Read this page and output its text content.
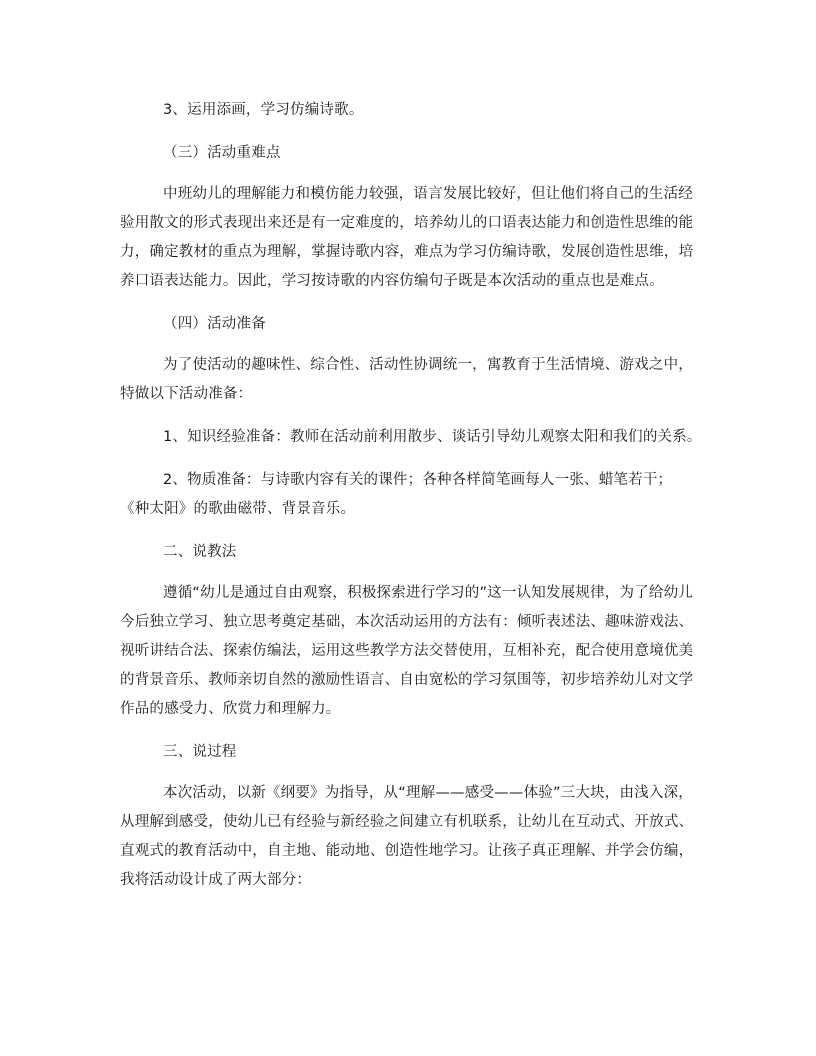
3、运用添画，学习仿编诗歌。
（三）活动重难点
中班幼儿的理解能力和模仿能力较强，语言发展比较好，但让他们将自己的生活经
验用散文的形式表现出来还是有一定难度的，培养幼儿的口语表达能力和创造性思维的能
力，确定教材的重点为理解，掌握诗歌内容，难点为学习仿编诗歌，发展创造性思维，培
养口语表达能力。因此，学习按诗歌的内容仿编句子既是本次活动的重点也是难点。
（四）活动准备
为了使活动的趣味性、综合性、活动性协调统一，寓教育于生活情境、游戏之中，
特做以下活动准备：
1、知识经验准备：教师在活动前利用散步、谈话引导幼儿观察太阳和我们的关系。
2、物质准备：与诗歌内容有关的课件；各种各样简笔画每人一张、蜡笔若干；
《种太阳》的歌曲磁带、背景音乐。
二、说教法
遵循“幼儿是通过自由观察，积极探索进行学习的”这一认知发展规律，为了给幼儿
今后独立学习、独立思考奠定基础，本次活动运用的方法有：倾听表述法、趣味游戏法、
视听讲结合法、探索仿编法，运用这些教学方法交替使用，互相补充，配合使用意境优美
的背景音乐、教师亲切自然的激励性语言、自由宽松的学习氛围等，初步培养幼儿对文学
作品的感受力、欣赏力和理解力。
三、说过程
本次活动，以新《纲要》为指导，从“理解——感受——体验”三大块，由浅入深，
从理解到感受，使幼儿已有经验与新经验之间建立有机联系，让幼儿在互动式、开放式、
直观式的教育活动中，自主地、能动地、创造性地学习。让孩子真正理解、并学会仿编，
我将活动设计成了两大部分：
